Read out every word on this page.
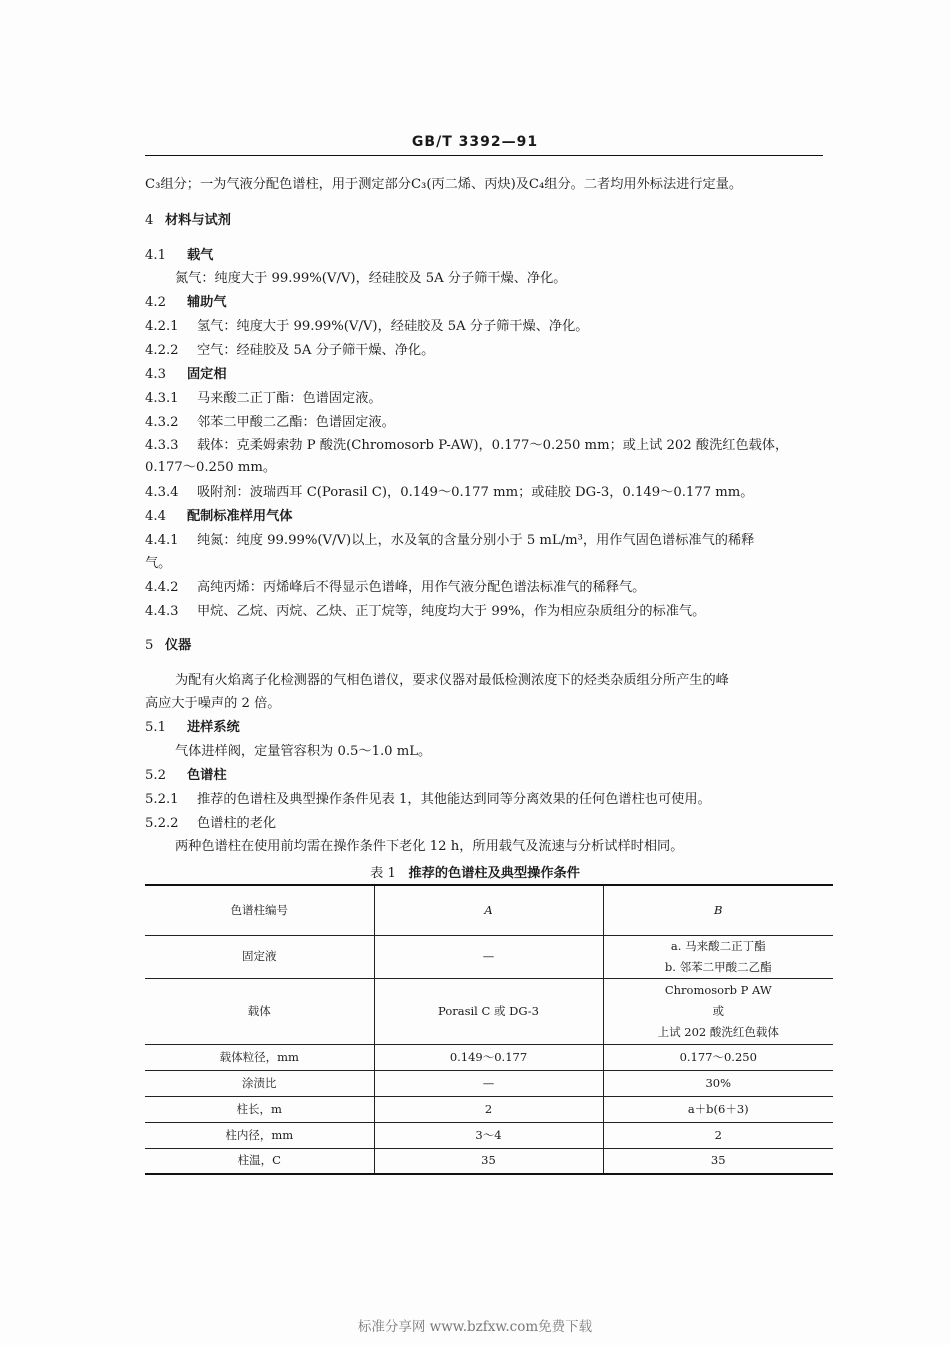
GB/T 3392—91
C₃组分；一为气液分配色谱柱，用于测定部分C₃(丙二烯、丙炔)及C₄组分。二者均用外标法进行定量。
4 材料与试剂
4.1 载气
氮气：纯度大于 99.99%(V/V)，经硅胶及 5A 分子筛干燥、净化。
4.2 辅助气
4.2.1 氢气：纯度大于 99.99%(V/V)，经硅胶及 5A 分子筛干燥、净化。
4.2.2 空气：经硅胶及 5A 分子筛干燥、净化。
4.3 固定相
4.3.1 马来酸二正丁酯：色谱固定液。
4.3.2 邻苯二甲酸二乙酯：色谱固定液。
4.3.3 载体：克柔姆索勃 P 酸洗(Chromosorb P-AW)，0.177～0.250 mm；或上试 202 酸洗红色载体，
0.177～0.250 mm。
4.3.4 吸附剂：波瑞西耳 C(Porasil C)，0.149～0.177 mm；或硅胶 DG-3，0.149～0.177 mm。
4.4 配制标准样用气体
4.4.1 纯氮：纯度 99.99%(V/V)以上，水及氧的含量分别小于 5 mL/m³，用作气固色谱标准气的稀释
气。
4.4.2 高纯丙烯：丙烯峰后不得显示色谱峰，用作气液分配色谱法标准气的稀释气。
4.4.3 甲烷、乙烷、丙烷、乙炔、正丁烷等，纯度均大于 99%，作为相应杂质组分的标准气。
5 仪器
为配有火焰离子化检测器的气相色谱仪，要求仪器对最低检测浓度下的烃类杂质组分所产生的峰
高应大于噪声的 2 倍。
5.1 进样系统
气体进样阀，定量管容积为 0.5～1.0 mL。
5.2 色谱柱
5.2.1 推荐的色谱柱及典型操作条件见表 1，其他能达到同等分离效果的任何色谱柱也可使用。
5.2.2 色谱柱的老化
两种色谱柱在使用前均需在操作条件下老化 12 h，所用载气及流速与分析试样时相同。
表 1 推荐的色谱柱及典型操作条件
色谱柱编号	A	B
固定液	—	a. 马来酸二正丁酯
b. 邻苯二甲酸二乙酯

载体	Porasil C 或 DG-3	Chromosorb P AW
或
上试 202 酸洗红色载体

载体粒径，mm	0.149～0.177	0.177～0.250

涂渍比	—	30%

柱长，m	2	a＋b(6＋3)

柱内径，mm	3～4	2

柱温，C	35	35
标准分享网 www.bzfxw.com免费下载
